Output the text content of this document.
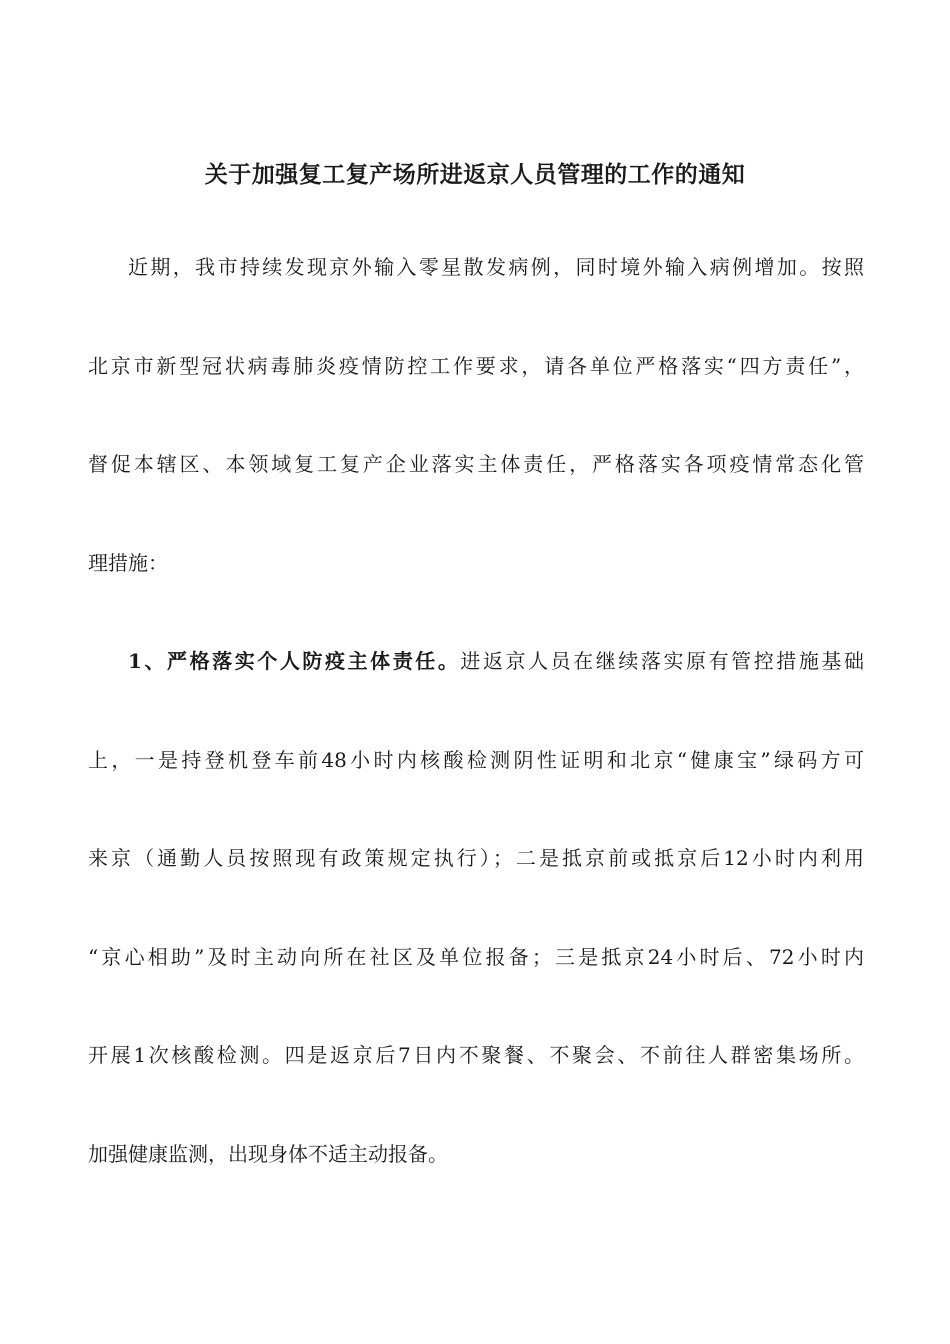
关于加强复工复产场所进返京人员管理的工作的通知
近期，我市持续发现京外输入零星散发病例，同时境外输入病例增加。按照
北京市新型冠状病毒肺炎疫情防控工作要求，请各单位严格落实“四方责任”，
督促本辖区、本领域复工复产企业落实主体责任，严格落实各项疫情常态化管
理措施：
1、严格落实个人防疫主体责任。进返京人员在继续落实原有管控措施基础
上，一是持登机登车前48小时内核酸检测阴性证明和北京“健康宝”绿码方可
来京（通勤人员按照现有政策规定执行）；二是抵京前或抵京后12小时内利用
“京心相助”及时主动向所在社区及单位报备；三是抵京24小时后、72小时内
开展1次核酸检测。四是返京后7日内不聚餐、不聚会、不前往人群密集场所。
加强健康监测，出现身体不适主动报备。
